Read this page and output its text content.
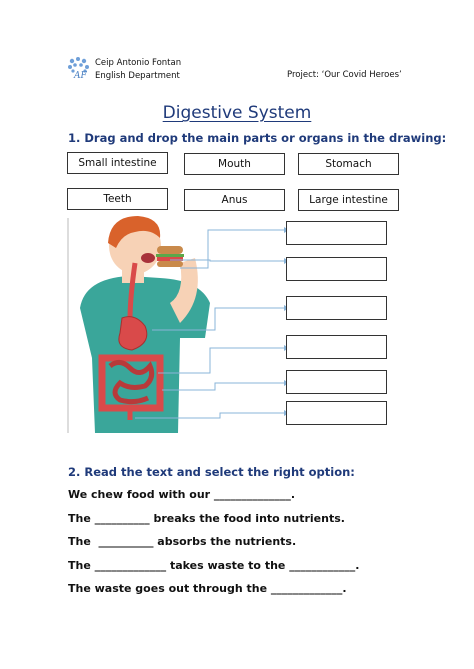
AF
Ceip Antonio Fontan
English Department	Project: ‘Our Covid Heroes’
Digestive System
1. Drag and drop the main parts or organs in the drawing:
Small intestine	Mouth	Stomach
Teeth	Anus	Large intestine
2. Read the text and select the right option:
We chew food with our ______________.
The __________ breaks the food into nutrients.
The  __________ absorbs the nutrients.
The _____________ takes waste to the ____________.
The waste goes out through the _____________.
